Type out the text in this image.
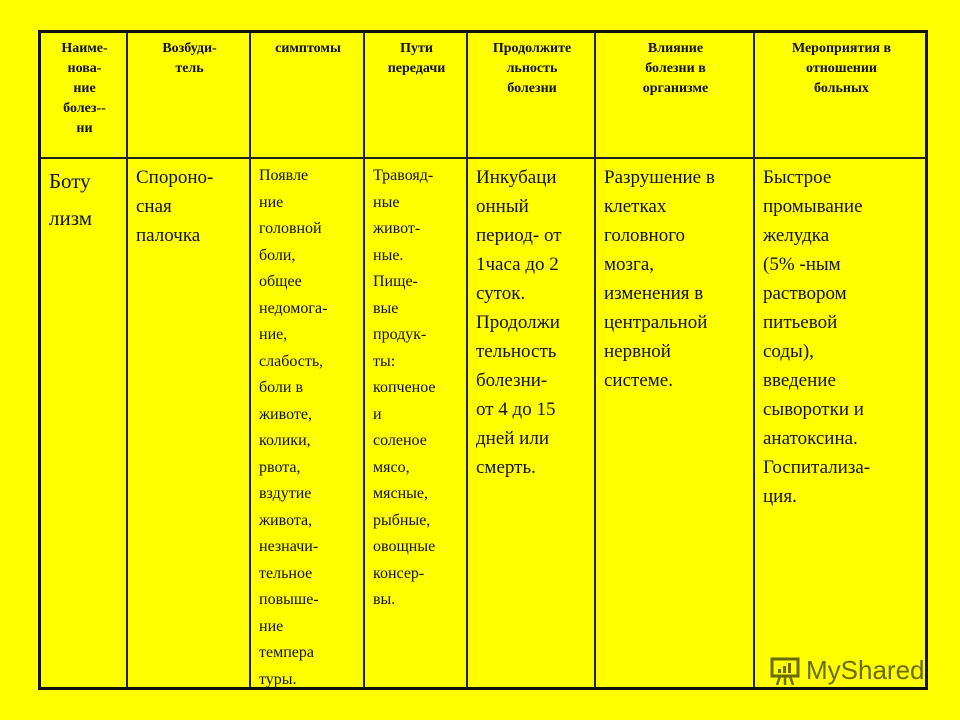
Наиме-
нова-
ние
болез--
ни
Боту
лизм
Возбуди-
тель
Спороно-
сная
палочка
симптомы
Появле
ние
головной
боли,
общее
недомога-
ние,
слабость,
боли в
животе,
колики,
рвота,
вздутие
живота,
незначи-
тельное
повыше-
ние
темпера
туры.
Пути
передачи
Травояд-
ные
живот-
ные.
Пище-
вые
продук-
ты:
копченое
и
соленое
мясо,
мясные,
рыбные,
овощные
консер-
вы.
Продолжите
льность
болезни
Инкубаци
онный
период- от
1часа до 2
суток.
Продолжи
тельность
болезни-
от 4 до 15
дней или
смерть.
Влияние
болезни в
организме
Разрушение в
клетках
головного
мозга,
изменения в
центральной
нервной
системе.
Мероприятия в
отношении
больных
Быстрое
промывание
желудка
(5% -ным
раствором
питьевой
соды),
введение
сыворотки и
анатоксина.
Госпитализа-
ция.
MyShared
